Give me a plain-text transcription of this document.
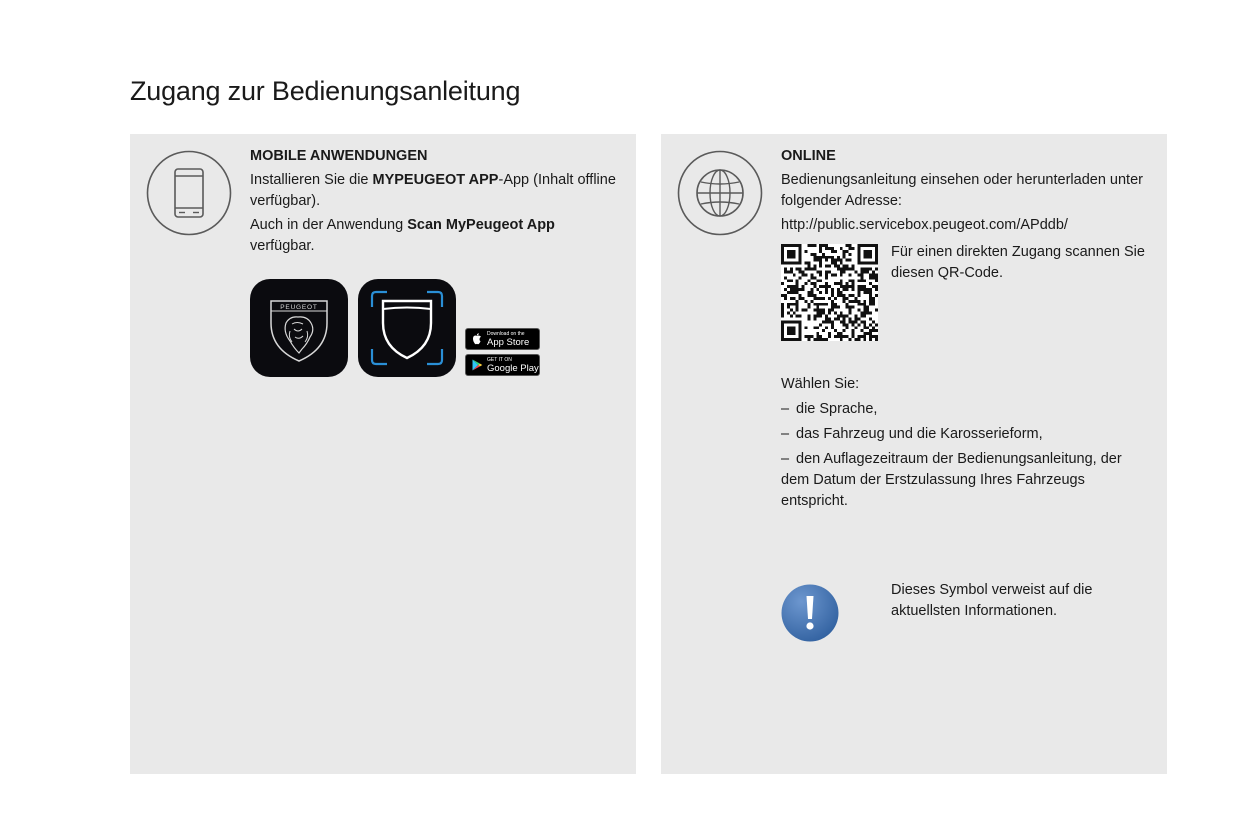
Zugang zur Bedienungsanleitung

MOBILE ANWENDUNGEN

Installieren Sie die MYPEUGEOT APP-App (Inhalt offline verfügbar).

Auch in der Anwendung Scan MyPeugeot App verfügbar.

PEUGEOT
Download on the
App Store
GET IT ON
Google Play

ONLINE

Bedienungsanleitung einsehen oder herunterladen unter folgender Adresse:

http://public.servicebox.peugeot.com/APddb/

Für einen direkten Zugang scannen Sie diesen QR-Code.
Wählen Sie:
– die Sprache,
– das Fahrzeug und die Karosserieform,
– den Auflagezeitraum der Bedienungsanleitung, der dem Datum der Erstzulassung Ihres Fahrzeugs entspricht.
Dieses Symbol verweist auf die aktuellsten Informationen.
